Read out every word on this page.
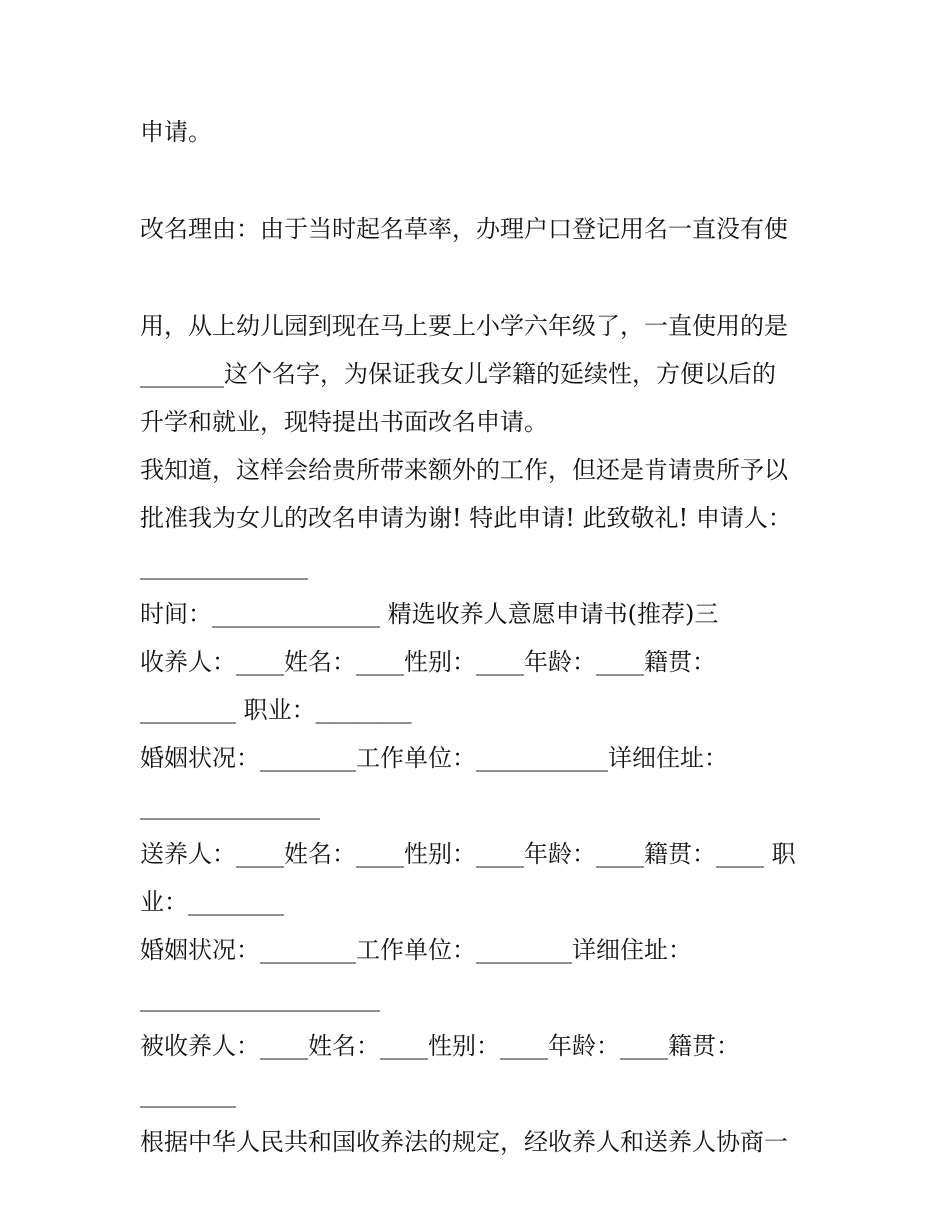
申请。

改名理由：由于当时起名草率，办理户口登记用名一直没有使

用，从上幼儿园到现在马上要上小学六年级了，一直使用的是

_______这个名字，为保证我女儿学籍的延续性，方便以后的

升学和就业，现特提出书面改名申请。

我知道，这样会给贵所带来额外的工作，但还是肯请贵所予以

批准我为女儿的改名申请为谢! 特此申请! 此致敬礼! 申请人：

______________

时间：______________ 精选收养人意愿申请书(推荐)三

收养人：____姓名：____性别：____年龄：____籍贯：

________ 职业：________

婚姻状况：________工作单位：___________详细住址：

_______________

送养人：____姓名：____性别：____年龄：____籍贯：____ 职

业：________

婚姻状况：________工作单位：________详细住址：

____________________

被收养人：____姓名：____性别：____年龄：____籍贯：

________

根据中华人民共和国收养法的规定，经收养人和送养人协商一
